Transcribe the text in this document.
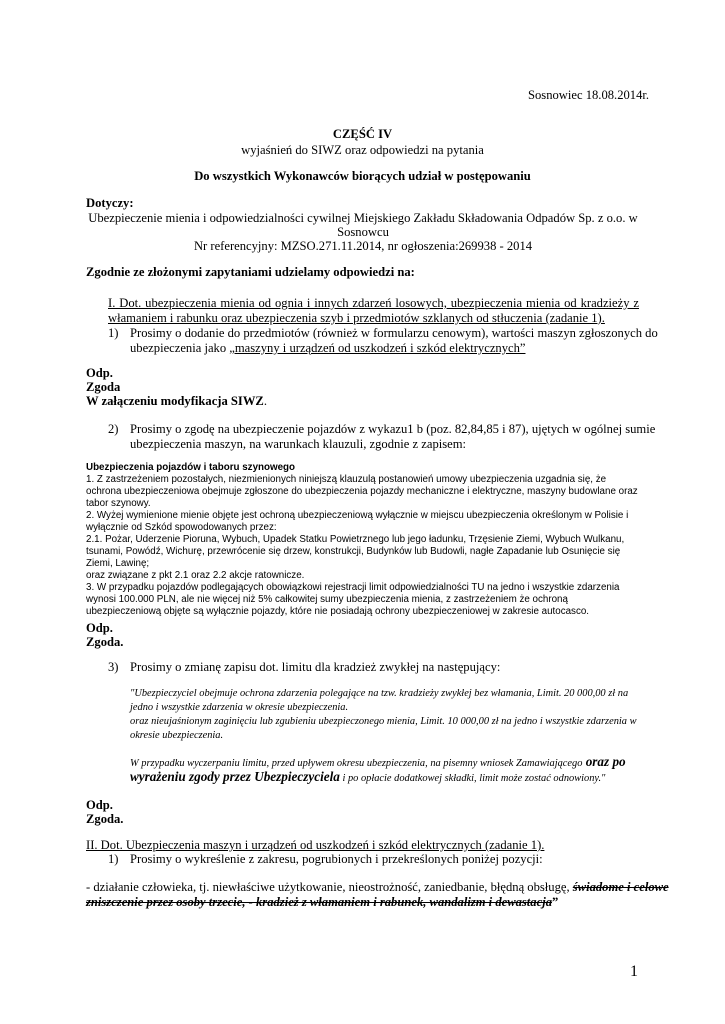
Sosnowiec 18.08.2014r.
CZĘŚĆ IV
wyjaśnień do SIWZ oraz odpowiedzi na pytania
Do wszystkich Wykonawców biorących udział w postępowaniu
Dotyczy:
Ubezpieczenie mienia i odpowiedzialności cywilnej Miejskiego Zakładu Składowania Odpadów Sp. z o.o. w
Sosnowcu
Nr referencyjny: MZSO.271.11.2014, nr ogłoszenia:269938 - 2014
Zgodnie ze złożonymi zapytaniami udzielamy odpowiedzi na:
I. Dot. ubezpieczenia mienia od ognia i innych zdarzeń losowych, ubezpieczenia mienia od kradzieży z
włamaniem i rabunku oraz ubezpieczenia szyb i przedmiotów szklanych od stłuczenia (zadanie 1).
1) Prosimy o dodanie do przedmiotów (również w formularzu cenowym), wartości maszyn zgłoszonych do
ubezpieczenia jako „maszyny i urządzeń od uszkodzeń i szkód elektrycznych”
Odp.
Zgoda
W załączeniu modyfikacja SIWZ.
2) Prosimy o zgodę na ubezpieczenie pojazdów z wykazu1 b (poz. 82,84,85 i 87), ujętych w ogólnej sumie
ubezpieczenia maszyn, na warunkach klauzuli, zgodnie z zapisem:
Ubezpieczenia pojazdów i taboru szynowego
1. Z zastrzeżeniem pozostałych, niezmienionych niniejszą klauzulą postanowień umowy ubezpieczenia uzgadnia się, że
ochrona ubezpieczeniowa obejmuje zgłoszone do ubezpieczenia pojazdy mechaniczne i elektryczne, maszyny budowlane oraz
tabor szynowy.
2. Wyżej wymienione mienie objęte jest ochroną ubezpieczeniową wyłącznie w miejscu ubezpieczenia określonym w Polisie i
wyłącznie od Szkód spowodowanych przez:
2.1. Pożar, Uderzenie Pioruna, Wybuch, Upadek Statku Powietrznego lub jego ładunku, Trzęsienie Ziemi, Wybuch Wulkanu,
tsunami, Powódź, Wichurę, przewrócenie się drzew, konstrukcji, Budynków lub Budowli, nagłe Zapadanie lub Osunięcie się
Ziemi, Lawinę;
oraz związane z pkt 2.1 oraz 2.2 akcje ratownicze.
3. W przypadku pojazdów podlegających obowiązkowi rejestracji limit odpowiedzialności TU na jedno i wszystkie zdarzenia
wynosi 100.000 PLN, ale nie więcej niż 5% całkowitej sumy ubezpieczenia mienia, z zastrzeżeniem że ochroną
ubezpieczeniową objęte są wyłącznie pojazdy, które nie posiadają ochrony ubezpieczeniowej w zakresie autocasco.
Odp.
Zgoda.
3) Prosimy o zmianę zapisu dot. limitu dla kradzież zwykłej na następujący:
"Ubezpieczyciel obejmuje ochrona zdarzenia polegające na tzw. kradzieży zwykłej bez włamania, Limit. 20 000,00 zł na
jedno i wszystkie zdarzenia w okresie ubezpieczenia.
oraz nieujaśnionym zaginięciu lub zgubieniu ubezpieczonego mienia, Limit. 10 000,00 zł na jedno i wszystkie zdarzenia w
okresie ubezpieczenia.
W przypadku wyczerpaniu limitu, przed upływem okresu ubezpieczenia, na pisemny wniosek Zamawiającego oraz po
wyrażeniu zgody przez Ubezpieczyciela i po opłacie dodatkowej składki, limit może zostać odnowiony."
Odp.
Zgoda.
II. Dot. Ubezpieczenia maszyn i urządzeń od uszkodzeń i szkód elektrycznych (zadanie 1).
1) Prosimy o wykreślenie z zakresu, pogrubionych i przekreślonych poniżej pozycji:
- działanie człowieka, tj. niewłaściwe użytkowanie, nieostrożność, zaniedbanie, błędną obsługę, świadome i celowe
zniszczenie przez osoby trzecie, - kradzież z włamaniem i rabunek, wandalizm i dewastacja”
1
